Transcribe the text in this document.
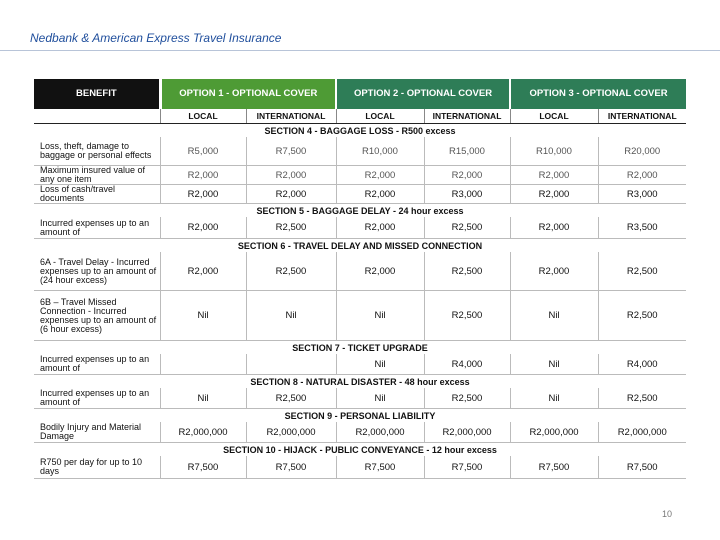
Nedbank & American Express Travel Insurance
BENEFIT	OPTION 1 - OPTIONAL COVER		OPTION 2 - OPTIONAL COVER		OPTION 3 - OPTIONAL COVER	
	LOCAL	INTERNATIONAL	LOCAL	INTERNATIONAL	LOCAL	INTERNATIONAL
SECTION 4 - BAGGAGE LOSS - R500 excess						
Loss, theft, damage to baggage or personal effects	R5,000	R7,500	R10,000	R15,000	R10,000	R20,000
Maximum insured value of any one item	R2,000	R2,000	R2,000	R2,000	R2,000	R2,000
Loss of cash/travel documents	R2,000	R2,000	R2,000	R3,000	R2,000	R3,000
SECTION 5 - BAGGAGE DELAY - 24 hour excess						
Incurred expenses up to an amount of	R2,000	R2,500	R2,000	R2,500	R2,000	R3,500
SECTION 6 - TRAVEL DELAY AND MISSED CONNECTION						
6A - Travel Delay - Incurred expenses up to an amount of (24 hour excess)	R2,000	R2,500	R2,000	R2,500	R2,000	R2,500
6B – Travel Missed Connection - Incurred expenses up to an amount of (6 hour excess)	Nil	Nil	Nil	R2,500	Nil	R2,500
SECTION 7 - TICKET UPGRADE						
Incurred expenses up to an amount of			Nil	R4,000	Nil	R4,000
SECTION 8 - NATURAL DISASTER - 48 hour excess						
Incurred expenses up to an amount of	Nil	R2,500	Nil	R2,500	Nil	R2,500
SECTION 9 - PERSONAL LIABILITY						
Bodily Injury and Material Damage	R2,000,000	R2,000,000	R2,000,000	R2,000,000	R2,000,000	R2,000,000
SECTION 10 - HIJACK - PUBLIC CONVEYANCE - 12 hour excess						
R750 per day for up to 10 days	R7,500	R7,500	R7,500	R7,500	R7,500	R7,500
10
